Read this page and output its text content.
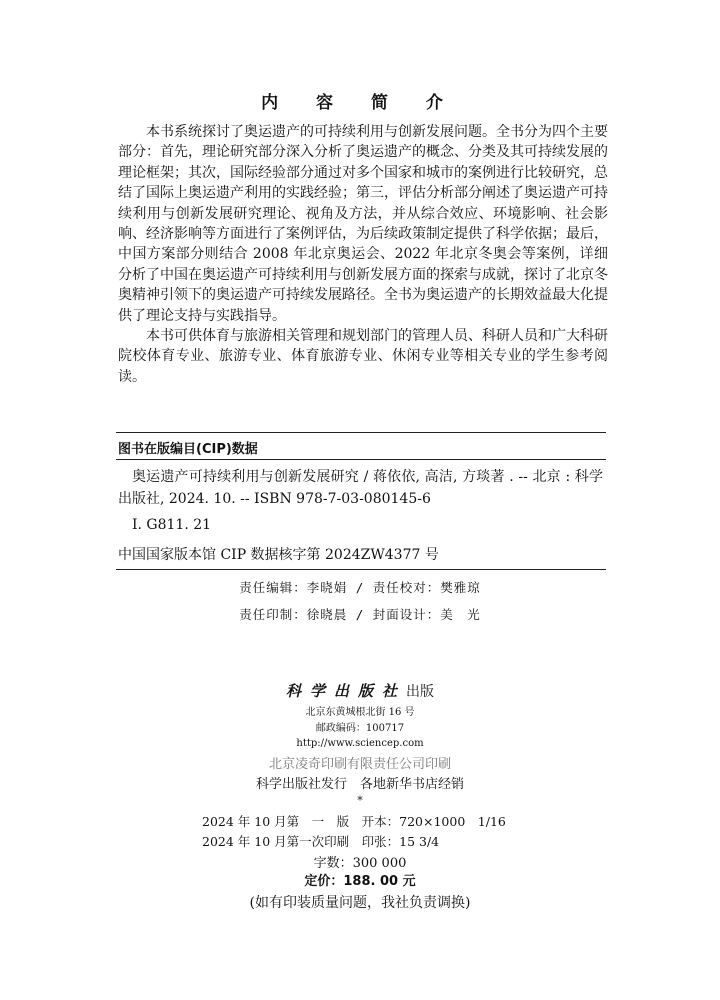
内 容 简 介

本书系统探讨了奥运遗产的可持续利用与创新发展问题。全书分为四个主要部分：首先，理论研究部分深入分析了奥运遗产的概念、分类及其可持续发展的理论框架；其次，国际经验部分通过对多个国家和城市的案例进行比较研究，总结了国际上奥运遗产利用的实践经验；第三，评估分析部分阐述了奥运遗产可持续利用与创新发展研究理论、视角及方法，并从综合效应、环境影响、社会影响、经济影响等方面进行了案例评估，为后续政策制定提供了科学依据；最后，中国方案部分则结合 2008 年北京奥运会、2022 年北京冬奥会等案例，详细分析了中国在奥运遗产可持续利用与创新发展方面的探索与成就，探讨了北京冬奥精神引领下的奥运遗产可持续发展路径。全书为奥运遗产的长期效益最大化提供了理论支持与实践指导。

本书可供体育与旅游相关管理和规划部门的管理人员、科研人员和广大科研院校体育专业、旅游专业、体育旅游专业、休闲专业等相关专业的学生参考阅读。

图书在版编目(CIP)数据

奥运遗产可持续利用与创新发展研究 / 蒋依依, 高洁, 方琰著 . -- 北京 : 科学出版社, 2024. 10. -- ISBN 978-7-03-080145-6

Ⅰ. G811. 21

中国国家版本馆 CIP 数据核字第 2024ZW4377 号

责任编辑：李晓娟 / 责任校对：樊雅琼
责任印制：徐晓晨 / 封面设计：美　光
科学出版社出版
北京东黄城根北街 16 号
邮政编码：100717
http://www.sciencep.com
北京凌奇印刷有限责任公司印刷
科学出版社发行　各地新华书店经销
*
2024 年 10 月第　一　版　开本：720×1000　1/16
2024 年 10 月第一次印刷　印张：15 3/4
字数：300 000
定价：188. 00 元
(如有印装质量问题，我社负责调换)
